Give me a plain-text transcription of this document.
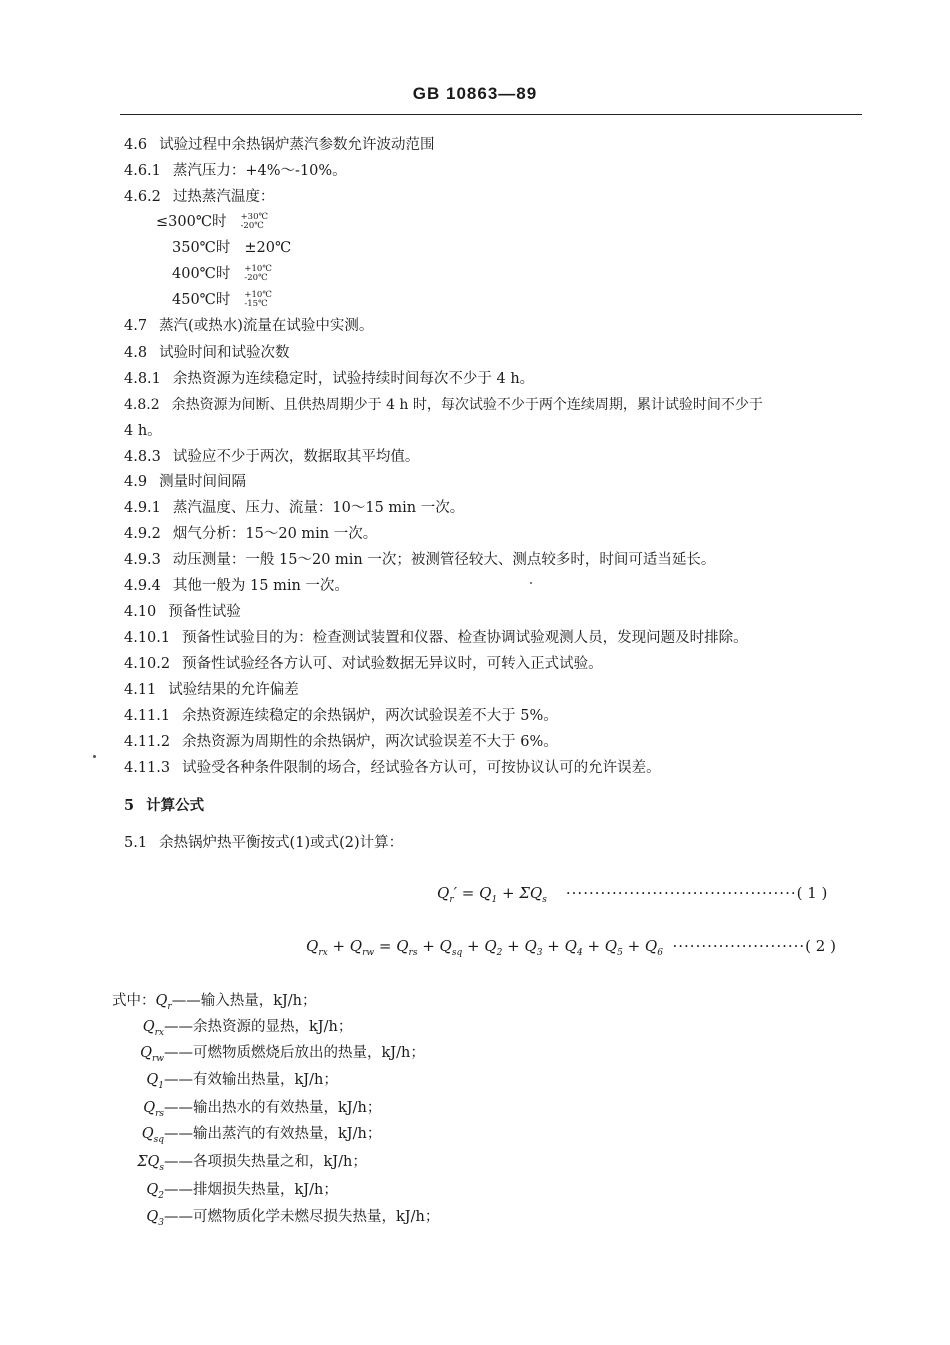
GB 10863—89
4.6 试验过程中余热锅炉蒸汽参数允许波动范围
4.6.1 蒸汽压力：+4%～-10%。
4.6.2 过热蒸汽温度：
≤300℃时 +30℃
-20℃
350℃时 ±20℃
400℃时 +10℃
-20℃
450℃时 +10℃
-15℃
4.7 蒸汽(或热水)流量在试验中实测。
4.8 试验时间和试验次数
4.8.1 余热资源为连续稳定时，试验持续时间每次不少于 4 h。
4.8.2 余热资源为间断、且供热周期少于 4 h 时，每次试验不少于两个连续周期，累计试验时间不少于
4 h。
4.8.3 试验应不少于两次，数据取其平均值。
4.9 测量时间间隔
4.9.1 蒸汽温度、压力、流量：10～15 min 一次。
4.9.2 烟气分析：15～20 min 一次。
4.9.3 动压测量：一般 15～20 min 一次；被测管径较大、测点较多时，时间可适当延长。
4.9.4 其他一般为 15 min 一次。
4.10 预备性试验
4.10.1 预备性试验目的为：检查测试装置和仪器、检查协调试验观测人员，发现问题及时排除。
4.10.2 预备性试验经各方认可、对试验数据无异议时，可转入正式试验。
4.11 试验结果的允许偏差
4.11.1 余热资源连续稳定的余热锅炉，两次试验误差不大于 5%。
4.11.2 余热资源为周期性的余热锅炉，两次试验误差不大于 6%。
4.11.3 试验受各种条件限制的场合，经试验各方认可，可按协议认可的允许误差。
5 计算公式
5.1 余热锅炉热平衡按式(1)或式(2)计算：
$Q_r' = Q_1 + \Sigma Q_s$ ········································( 1 )
$Q_{rx} + Q_{rw} = Q_{rs} + Q_{sq} + Q_2 + Q_3 + Q_4 + Q_5 + Q_6$ ·······················( 2 )
式中：$Q_r——$输入热量，kJ/h；
$Q_{rx}——$余热资源的显热，kJ/h；
$Q_{rw}——$可燃物质燃烧后放出的热量，kJ/h；
$Q_1——$有效输出热量，kJ/h；
$Q_{rs}——$输出热水的有效热量，kJ/h；
$Q_{sq}——$输出蒸汽的有效热量，kJ/h；
$\Sigma Q_s——$各项损失热量之和，kJ/h；
$Q_2——$排烟损失热量，kJ/h；
$Q_3——$可燃物质化学未燃尽损失热量，kJ/h；
